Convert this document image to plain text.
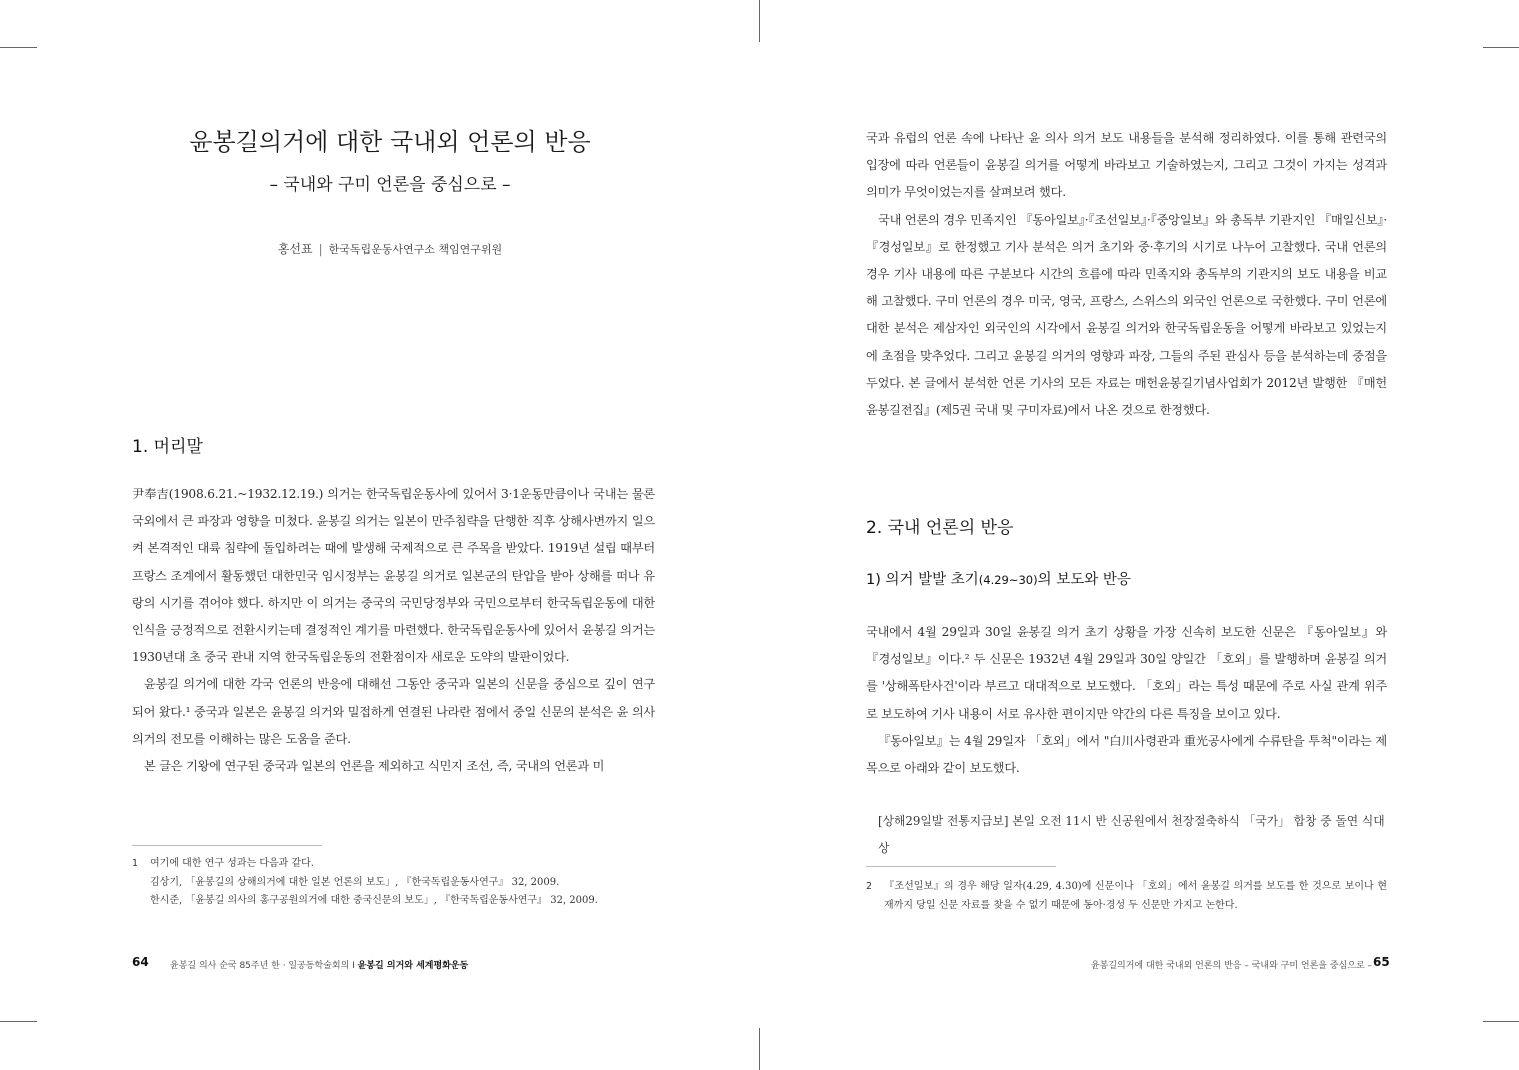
윤봉길의거에 대한 국내외 언론의 반응
– 국내와 구미 언론을 중심으로 –
홍선표 | 한국독립운동사연구소 책임연구위원
1. 머리말

尹奉吉(1908.6.21.~1932.12.19.) 의거는 한국독립운동사에 있어서 3·1운동만큼이나 국내는 물론 국외에서 큰 파장과 영향을 미쳤다. 윤봉길 의거는 일본이 만주침략을 단행한 직후 상해사변까지 일으켜 본격적인 대륙 침략에 돌입하려는 때에 발생해 국제적으로 큰 주목을 받았다. 1919년 설립 때부터 프랑스 조계에서 활동했던 대한민국 임시정부는 윤봉길 의거로 일본군의 탄압을 받아 상해를 떠나 유랑의 시기를 겪어야 했다. 하지만 이 의거는 중국의 국민당정부와 국민으로부터 한국독립운동에 대한 인식을 긍정적으로 전환시키는데 결정적인 계기를 마련했다. 한국독립운동사에 있어서 윤봉길 의거는 1930년대 초 중국 관내 지역 한국독립운동의 전환점이자 새로운 도약의 발판이었다.

윤봉길 의거에 대한 각국 언론의 반응에 대해선 그동안 중국과 일본의 신문을 중심으로 깊이 연구 되어 왔다.¹ 중국과 일본은 윤봉길 의거와 밀접하게 연결된 나라란 점에서 중일 신문의 분석은 윤 의사 의거의 전모를 이해하는 많은 도움을 준다.

본 글은 기왕에 연구된 중국과 일본의 언론을 제외하고 식민지 조선, 즉, 국내의 언론과 미

1	여기에 대한 연구 성과는 다음과 같다.

김상기, 「윤봉길의 상해의거에 대한 일본 언론의 보도」, 『한국독립운동사연구』 32, 2009.

한시준, 「윤봉길 의사의 홍구공원의거에 대한 중국신문의 보도」, 『한국독립운동사연구』 32, 2009.

64 윤봉길 의사 순국 85주년 한 · 일공동학술회의 I 윤봉길 의거와 세계평화운동

국과 유럽의 언론 속에 나타난 윤 의사 의거 보도 내용들을 분석해 정리하였다. 이를 통해 관련국의 입장에 따라 언론들이 윤봉길 의거를 어떻게 바라보고 기술하였는지, 그리고 그것이 가지는 성격과 의미가 무엇이었는지를 살펴보려 했다.

국내 언론의 경우 민족지인 『동아일보』·『조선일보』·『중앙일보』와 총독부 기관지인 『매일신보』·『경성일보』로 한정했고 기사 분석은 의거 초기와 중·후기의 시기로 나누어 고찰했다. 국내 언론의 경우 기사 내용에 따른 구분보다 시간의 흐름에 따라 민족지와 총독부의 기관지의 보도 내용을 비교해 고찰했다. 구미 언론의 경우 미국, 영국, 프랑스, 스위스의 외국인 언론으로 국한했다. 구미 언론에 대한 분석은 제삼자인 외국인의 시각에서 윤봉길 의거와 한국독립운동을 어떻게 바라보고 있었는지에 초점을 맞추었다. 그리고 윤봉길 의거의 영향과 파장, 그들의 주된 관심사 등을 분석하는데 중점을 두었다. 본 글에서 분석한 언론 기사의 모든 자료는 매헌윤봉길기념사업회가 2012년 발행한 『매헌윤봉길전집』(제5권 국내 및 구미자료)에서 나온 것으로 한정했다.

2. 국내 언론의 반응
1) 의거 발발 초기(4.29~30)의 보도와 반응

국내에서 4월 29일과 30일 윤봉길 의거 초기 상황을 가장 신속히 보도한 신문은 『동아일보』와 『경성일보』이다.² 두 신문은 1932년 4월 29일과 30일 양일간 「호외」를 발행하며 윤봉길 의거를 '상해폭탄사건'이라 부르고 대대적으로 보도했다. 「호외」라는 특성 때문에 주로 사실 관계 위주로 보도하여 기사 내용이 서로 유사한 편이지만 약간의 다른 특징을 보이고 있다.

『동아일보』는 4월 29일자 「호외」에서 "白川사령관과 重光공사에게 수류탄을 투척"이라는 제목으로 아래와 같이 보도했다.

[상해29일발 전통지급보] 본일 오전 11시 반 신공원에서 천장절축하식 「국가」 합창 중 돌연 식대상
2	『조선일보』의 경우 해당 일자(4.29, 4.30)에 신문이나 「호외」에서 윤봉길 의거를 보도를 한 것으로 보이나 현재까지 당일 신문 자료를 찾을 수 없기 때문에 동아·경성 두 신문만 가지고 논한다.
윤봉길의거에 대한 국내외 언론의 반응 – 국내와 구미 언론을 중심으로 – 65
